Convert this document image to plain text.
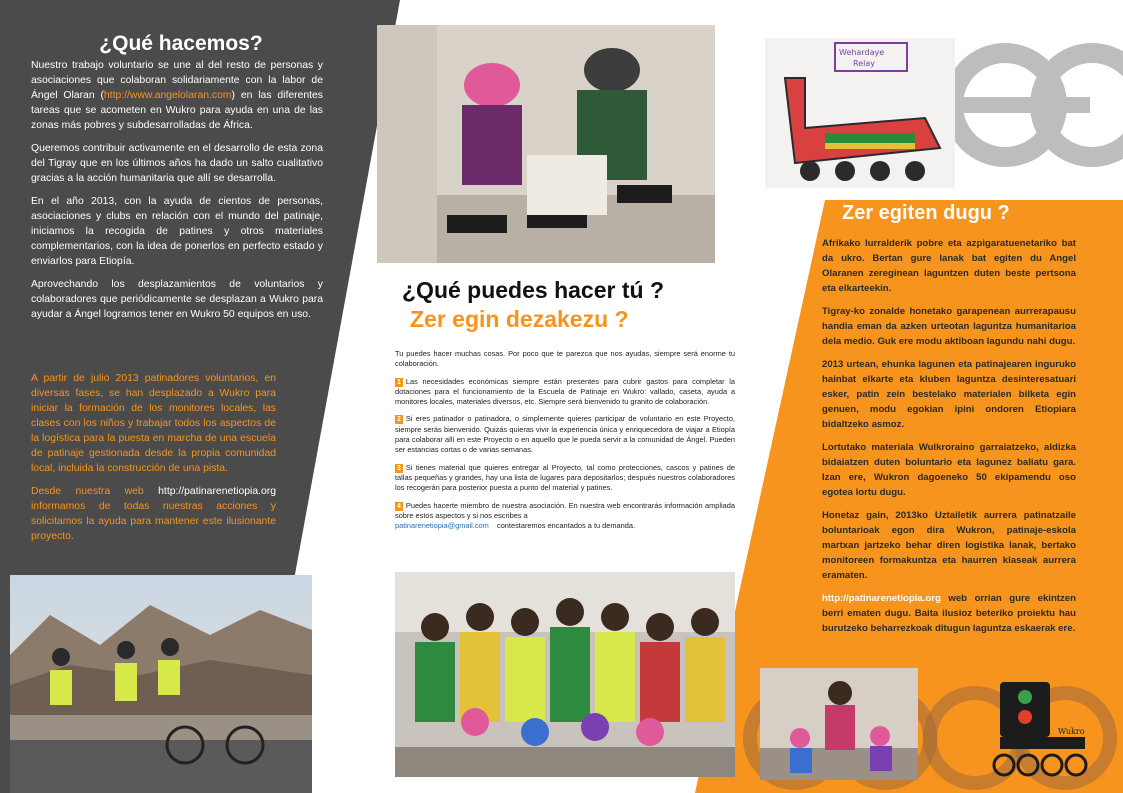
¿Qué hacemos?

Nuestro trabajo voluntario se une al del resto de personas y asociaciones que colaboran solidariamente con la labor de Ángel Olaran (http://www.angelolaran.com) en las diferentes tareas que se acometen en Wukro para ayuda en una de las zonas más pobres y subdesarrolladas de África.

Queremos contribuir activamente en el desarrollo de esta zona del Tigray que en los últimos años ha dado un salto cualitativo gracias a la acción humanitaria que allí se desarrolla.

En el año 2013, con la ayuda de cientos de personas, asociaciones y clubs en relación con el mundo del patinaje, iniciamos la recogida de patines y otros materiales complementarios, con la idea de ponerlos en perfecto estado y enviarlos para Etiopía.

Aprovechando los desplazamientos de voluntarios y colaboradores que periódicamente se desplazan a Wukro para ayudar a Ángel logramos tener en Wukro 50 equipos en uso.

A partir de julio 2013 patinadores voluntarios, en diversas fases, se han desplazado a Wukro para iniciar la formación de los monitores locales, las clases con los niños y trabajar todos los aspectos de la logística para la puesta en marcha de una escuela de patinaje gestionada desde la propia comunidad local, incluida la construcción de una pista.

Desde nuestra web http://patinarenetiopia.org informamos de todas nuestras acciones y solicitamos la ayuda para mantener este ilusionante proyecto.

¿Qué puedes hacer tú ?
Zer egin dezakezu ?

Tu puedes hacer muchas cosas. Por poco que te parezca que nos ayudas, siempre será enorme tu colaboración.

1 Las necesidades económicas siempre están presentes para cubrir gastos para completar la dotaciones para el funcionamiento de la Escuela de Patinaje en Wukro: vallado, caseta, ayuda a monitores locales, materiales diversos, etc. Siempre será bienvenido tu granito de colaboración.

2 Si eres patinador o patinadora, o simplemente quieres participar de voluntario en este Proyecto, siempre serás bienvenido. Quizás quieras vivir la experiencia única y enriquecedora de viajar a Etiopía para colaborar allí en este Proyecto o en aquello que le pueda servir a la comunidad de Ángel. Pueden ser estancias cortas o de varias semanas.

3 Si tienes material que quieres entregar al Proyecto, tal como protecciones, cascos y patines de tallas pequeñas y grandes, hay una lista de lugares para depositarlos; después nuestros colaboradores los recogerán para posterior puesta a punto del material y patines.

4 Puedes hacerte miembro de nuestra asociación. En nuestra web encontrarás información ampliada sobre estos aspectos y si nos escribes a
patinarenetiopia@gmail.com contestaremos encantados a tu demanda.

Wehardaye
Relay
Zer egiten dugu ?

Afrikako lurralderik pobre eta azpigaratuenetariko bat da ukro. Bertan gure lanak bat egiten du Angel Olaranen zereginean laguntzen duten beste pertsona eta elkarteekin.

Tigray-ko zonalde honetako garapenean aurrerapausu handia eman da azken urteotan laguntza humanitarioa dela medio. Guk ere modu aktiboan lagundu nahi dugu.

2013 urtean, ehunka lagunen eta patinajearen inguruko hainbat elkarte eta kluben laguntza desinteresatuari esker, patin zein bestelako materialen bilketa egin genuen, modu egokian ipini ondoren Etiopiara bidaltzeko asmoz.

Lortutako materiala Wulkroraino garraiatzeko, aldizka bidaiatzen duten boluntario eta lagunez baliatu gara. Izan ere, Wukron dagoeneko 50 ekipamendu oso egotea lortu dugu.

Honetaz gain, 2013ko Uztailetik aurrera patinatzaile boluntarioak egon dira Wukron, patinaje-eskola martxan jartzeko behar diren logistika lanak, bertako monitoreen formakuntza eta haurren klaseak aurrera eramaten.

http://patinarenetiopia.org web orrian gure ekintzen berri ematen dugu. Baita ilusioz beteriko proiektu hau burutzeko beharrezkoak ditugun laguntza eskaerak ere.

Wukro
